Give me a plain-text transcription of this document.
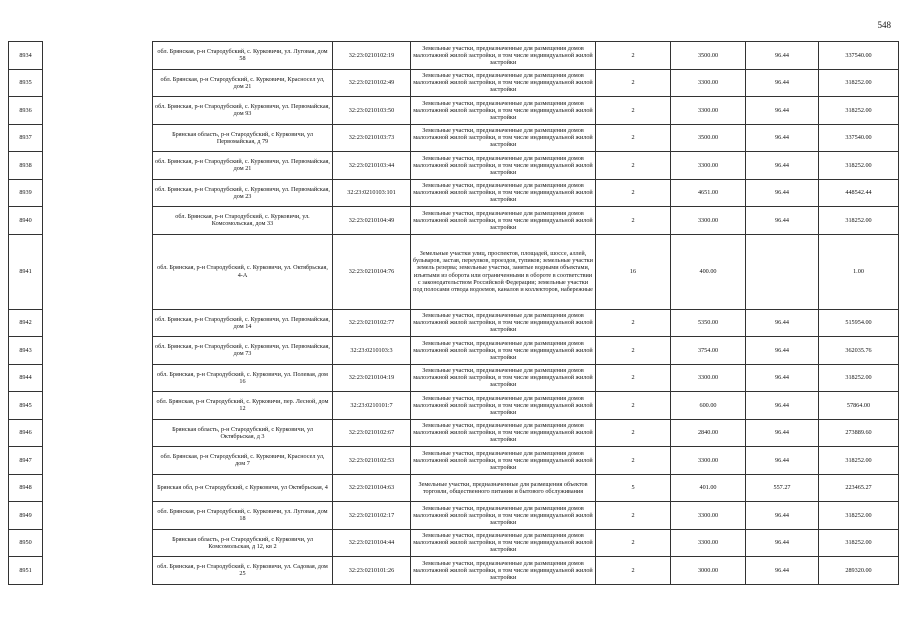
548
8934		обл. Брянская, р-н Стародубский, с. Курковичи, ул. Луговая, дом 58	32:23:0210102:19	Земельные участки, предназначенные для размещения домов малоэтажной жилой застройки, в том числе индивидуальной жилой застройки	2	3500.00	96.44	337540.00
8935		обл. Брянская, р-н Стародубский, с. Курковичи, Красносел ул, дом 21	32:23:0210102:49	Земельные участки, предназначенные для размещения домов малоэтажной жилой застройки, в том числе индивидуальной жилой застройки	2	3300.00	96.44	318252.00
8936		обл. Брянская, р-н Стародубский, с. Курковичи, ул. Первомайская, дом 93	32:23:0210103:50	Земельные участки, предназначенные для размещения домов малоэтажной жилой застройки, в том числе индивидуальной жилой застройки	2	3300.00	96.44	318252.00
8937		Брянская область, р-н Стародубский, с Курковичи, ул Первомайская, д 79	32:23:0210103:73	Земельные участки, предназначенные для размещения домов малоэтажной жилой застройки, в том числе индивидуальной жилой застройки	2	3500.00	96.44	337540.00
8938		обл. Брянская, р-н Стародубский, с. Курковичи, ул. Первомайская, дом 21	32:23:0210103:44	Земельные участки, предназначенные для размещения домов малоэтажной жилой застройки, в том числе индивидуальной жилой застройки	2	3300.00	96.44	318252.00
8939		обл. Брянская, р-н Стародубский, с. Курковичи, ул. Первомайская, дом 23	32:23:0210103:101	Земельные участки, предназначенные для размещения домов малоэтажной жилой застройки, в том числе индивидуальной жилой застройки	2	4651.00	96.44	448542.44
8940		обл. Брянская, р-н Стародубский, с. Курковичи, ул. Комсомольская, дом 33	32:23:0210104:49	Земельные участки, предназначенные для размещения домов малоэтажной жилой застройки, в том числе индивидуальной жилой застройки	2	3300.00	96.44	318252.00
8941		обл. Брянская, р-н Стародубский, с. Курковичи, ул. Октябрьская, 4-А	32:23:0210104:76	Земельные участки улиц, проспектов, площадей, шоссе, аллей, бульваров, застав, переулков, проездов, тупиков; земельные участки земель резерва; земельные участки, занятые водными объектами, изъятыми из оборота или ограниченными в обороте в соответствии с законодательством Российской Федерации; земельные участки под полосами отвода водоемов, каналов и коллекторов, набережные	16	400.00		1.00
8942		обл. Брянская, р-н Стародубский, с. Курковичи, ул. Первомайская, дом 14	32:23:0210102:77	Земельные участки, предназначенные для размещения домов малоэтажной жилой застройки, в том числе индивидуальной жилой застройки	2	5350.00	96.44	515954.00
8943		обл. Брянская, р-н Стародубский, с. Курковичи, ул. Первомайская, дом 73	32:23:0210103:3	Земельные участки, предназначенные для размещения домов малоэтажной жилой застройки, в том числе индивидуальной жилой застройки	2	3754.00	96.44	362035.76
8944		обл. Брянская, р-н Стародубский, с. Курковичи, ул. Полевая, дом 16	32:23:0210104:19	Земельные участки, предназначенные для размещения домов малоэтажной жилой застройки, в том числе индивидуальной жилой застройки	2	3300.00	96.44	318252.00
8945		обл. Брянская, р-н Стародубский, с. Курковичи, пер. Лесной, дом 12	32:23:0210101:7	Земельные участки, предназначенные для размещения домов малоэтажной жилой застройки, в том числе индивидуальной жилой застройки	2	600.00	96.44	57864.00
8946		Брянская область, р-н Стародубский, с Курковичи, ул Октябрьская, д 3	32:23:0210102:67	Земельные участки, предназначенные для размещения домов малоэтажной жилой застройки, в том числе индивидуальной жилой застройки	2	2840.00	96.44	273889.60
8947		обл. Брянская, р-н Стародубский, с. Курковичи, Красносел ул, дом 7	32:23:0210102:53	Земельные участки, предназначенные для размещения домов малоэтажной жилой застройки, в том числе индивидуальной жилой застройки	2	3300.00	96.44	318252.00
8948		Брянская обл, р-н Стародубский, с Курковичи, ул Октябрьская, 4	32:23:0210104:63	Земельные участки, предназначенные для размещения объектов торговли, общественного питания и бытового обслуживания	5	401.00	557.27	223465.27
8949		обл. Брянская, р-н Стародубский, с. Курковичи, ул. Луговая, дом 18	32:23:0210102:17	Земельные участки, предназначенные для размещения домов малоэтажной жилой застройки, в том числе индивидуальной жилой застройки	2	3300.00	96.44	318252.00
8950		Брянская область, р-н Стародубский, с Курковичи, ул Комсомольская, д 12, кв 2	32:23:0210104:44	Земельные участки, предназначенные для размещения домов малоэтажной жилой застройки, в том числе индивидуальной жилой застройки	2	3300.00	96.44	318252.00
8951		обл. Брянская, р-н Стародубский, с. Курковичи, ул. Садовая, дом 25	32:23:0210101:26	Земельные участки, предназначенные для размещения домов малоэтажной жилой застройки, в том числе индивидуальной жилой застройки	2	3000.00	96.44	289320.00
